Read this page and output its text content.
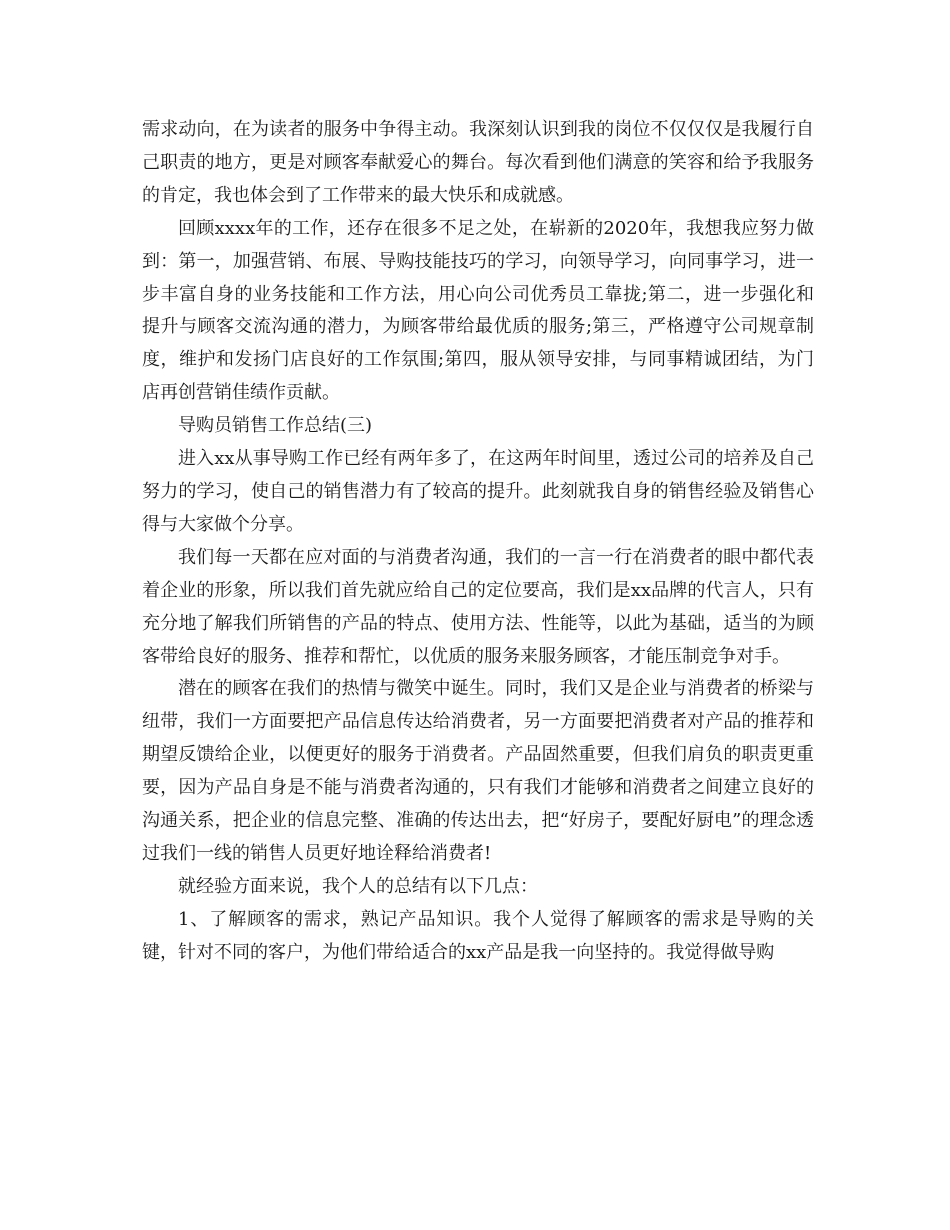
需求动向，在为读者的服务中争得主动。我深刻认识到我的岗位不仅仅仅是我履行自己职责的地方，更是对顾客奉献爱心的舞台。每次看到他们满意的笑容和给予我服务的肯定，我也体会到了工作带来的最大快乐和成就感。

回顾xxxx年的工作，还存在很多不足之处，在崭新的2020年，我想我应努力做到：第一，加强营销、布展、导购技能技巧的学习，向领导学习，向同事学习，进一步丰富自身的业务技能和工作方法，用心向公司优秀员工靠拢;第二，进一步强化和提升与顾客交流沟通的潜力，为顾客带给最优质的服务;第三，严格遵守公司规章制度，维护和发扬门店良好的工作氛围;第四，服从领导安排，与同事精诚团结，为门店再创营销佳绩作贡献。

导购员销售工作总结(三)

进入xx从事导购工作已经有两年多了，在这两年时间里，透过公司的培养及自己努力的学习，使自己的销售潜力有了较高的提升。此刻就我自身的销售经验及销售心得与大家做个分享。

我们每一天都在应对面的与消费者沟通，我们的一言一行在消费者的眼中都代表着企业的形象，所以我们首先就应给自己的定位要高，我们是xx品牌的代言人，只有充分地了解我们所销售的产品的特点、使用方法、性能等，以此为基础，适当的为顾客带给良好的服务、推荐和帮忙，以优质的服务来服务顾客，才能压制竞争对手。

潜在的顾客在我们的热情与微笑中诞生。同时，我们又是企业与消费者的桥梁与纽带，我们一方面要把产品信息传达给消费者，另一方面要把消费者对产品的推荐和期望反馈给企业，以便更好的服务于消费者。产品固然重要，但我们肩负的职责更重要，因为产品自身是不能与消费者沟通的，只有我们才能够和消费者之间建立良好的沟通关系，把企业的信息完整、准确的传达出去，把“好房子，要配好厨电”的理念透过我们一线的销售人员更好地诠释给消费者!

就经验方面来说，我个人的总结有以下几点：

1、了解顾客的需求，熟记产品知识。我个人觉得了解顾客的需求是导购的关键，针对不同的客户，为他们带给适合的xx产品是我一向坚持的。我觉得做导购
